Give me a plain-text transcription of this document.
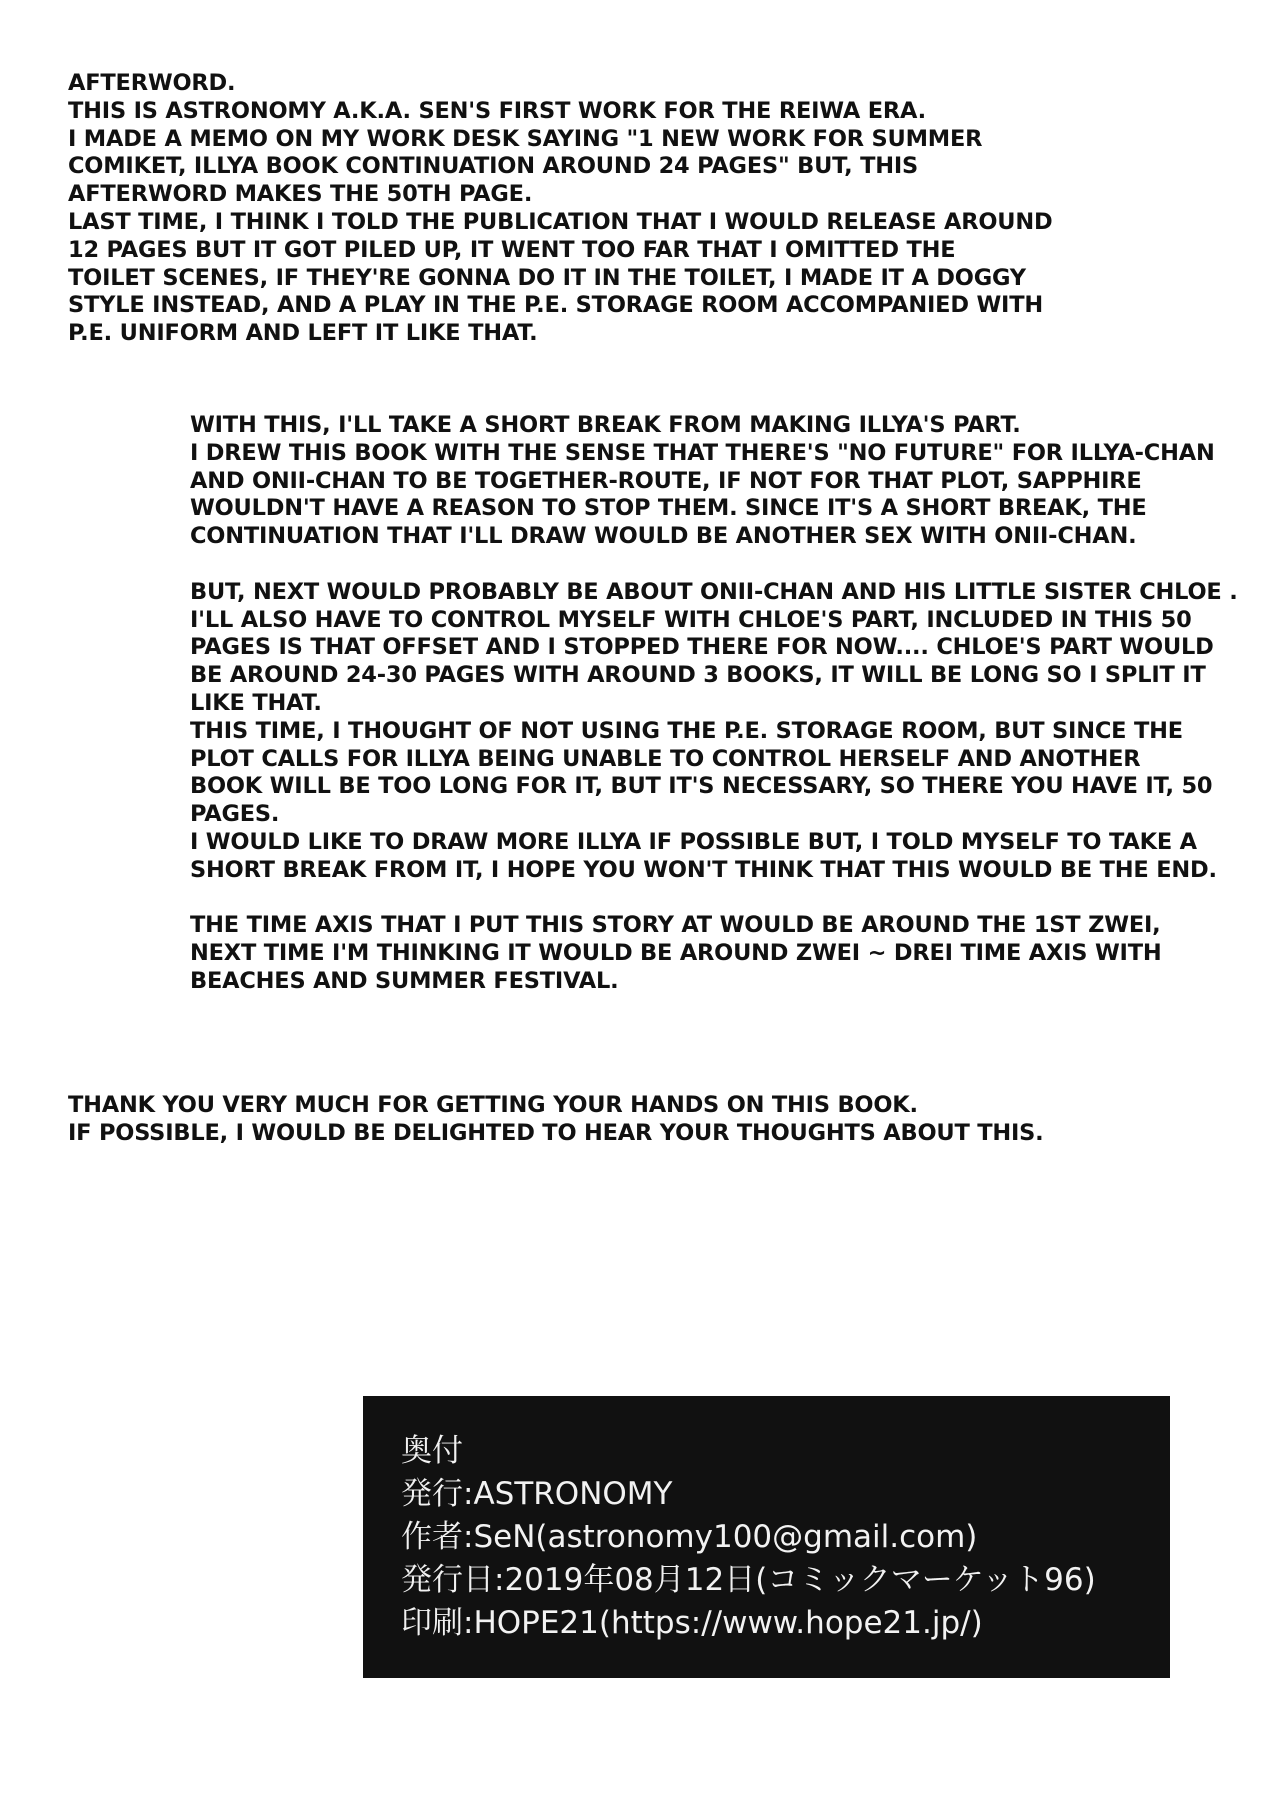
AFTERWORD.

THIS IS ASTRONOMY A.K.A. SEN'S FIRST WORK FOR THE REIWA ERA.

I MADE A MEMO ON MY WORK DESK SAYING "1 NEW WORK FOR SUMMER

COMIKET, ILLYA BOOK CONTINUATION AROUND 24 PAGES" BUT, THIS

AFTERWORD MAKES THE 50TH PAGE.

LAST TIME, I THINK I TOLD THE PUBLICATION THAT I WOULD RELEASE AROUND

12 PAGES BUT IT GOT PILED UP, IT WENT TOO FAR THAT I OMITTED THE

TOILET SCENES, IF THEY'RE GONNA DO IT IN THE TOILET, I MADE IT A DOGGY

STYLE INSTEAD, AND A PLAY IN THE P.E. STORAGE ROOM ACCOMPANIED WITH

P.E. UNIFORM AND LEFT IT LIKE THAT.

WITH THIS, I'LL TAKE A SHORT BREAK FROM MAKING ILLYA'S PART.

I DREW THIS BOOK WITH THE SENSE THAT THERE'S "NO FUTURE" FOR ILLYA-CHAN

AND ONII-CHAN TO BE TOGETHER-ROUTE, IF NOT FOR THAT PLOT, SAPPHIRE

WOULDN'T HAVE A REASON TO STOP THEM. SINCE IT'S A SHORT BREAK, THE

CONTINUATION THAT I'LL DRAW WOULD BE ANOTHER SEX WITH ONII-CHAN.

BUT, NEXT WOULD PROBABLY BE ABOUT ONII-CHAN AND HIS LITTLE SISTER CHLOE .

I'LL ALSO HAVE TO CONTROL MYSELF WITH CHLOE'S PART, INCLUDED IN THIS 50

PAGES IS THAT OFFSET AND I STOPPED THERE FOR NOW.... CHLOE'S PART WOULD

BE AROUND 24-30 PAGES WITH AROUND 3 BOOKS, IT WILL BE LONG SO I SPLIT IT

LIKE THAT.

THIS TIME, I THOUGHT OF NOT USING THE P.E. STORAGE ROOM, BUT SINCE THE

PLOT CALLS FOR ILLYA BEING UNABLE TO CONTROL HERSELF AND ANOTHER

BOOK WILL BE TOO LONG FOR IT, BUT IT'S NECESSARY, SO THERE YOU HAVE IT, 50

PAGES.

I WOULD LIKE TO DRAW MORE ILLYA IF POSSIBLE BUT, I TOLD MYSELF TO TAKE A

SHORT BREAK FROM IT, I HOPE YOU WON'T THINK THAT THIS WOULD BE THE END.

THE TIME AXIS THAT I PUT THIS STORY AT WOULD BE AROUND THE 1ST ZWEI,

NEXT TIME I'M THINKING IT WOULD BE AROUND ZWEI ~ DREI TIME AXIS WITH

BEACHES AND SUMMER FESTIVAL.

THANK YOU VERY MUCH FOR GETTING YOUR HANDS ON THIS BOOK.

IF POSSIBLE, I WOULD BE DELIGHTED TO HEAR YOUR THOUGHTS ABOUT THIS.

奥付

発行:ASTRONOMY

作者:SeN(astronomy100@gmail.com)

発行日:2019年08月12日(コミックマーケット96)

印刷:HOPE21(https://www.hope21.jp/)
